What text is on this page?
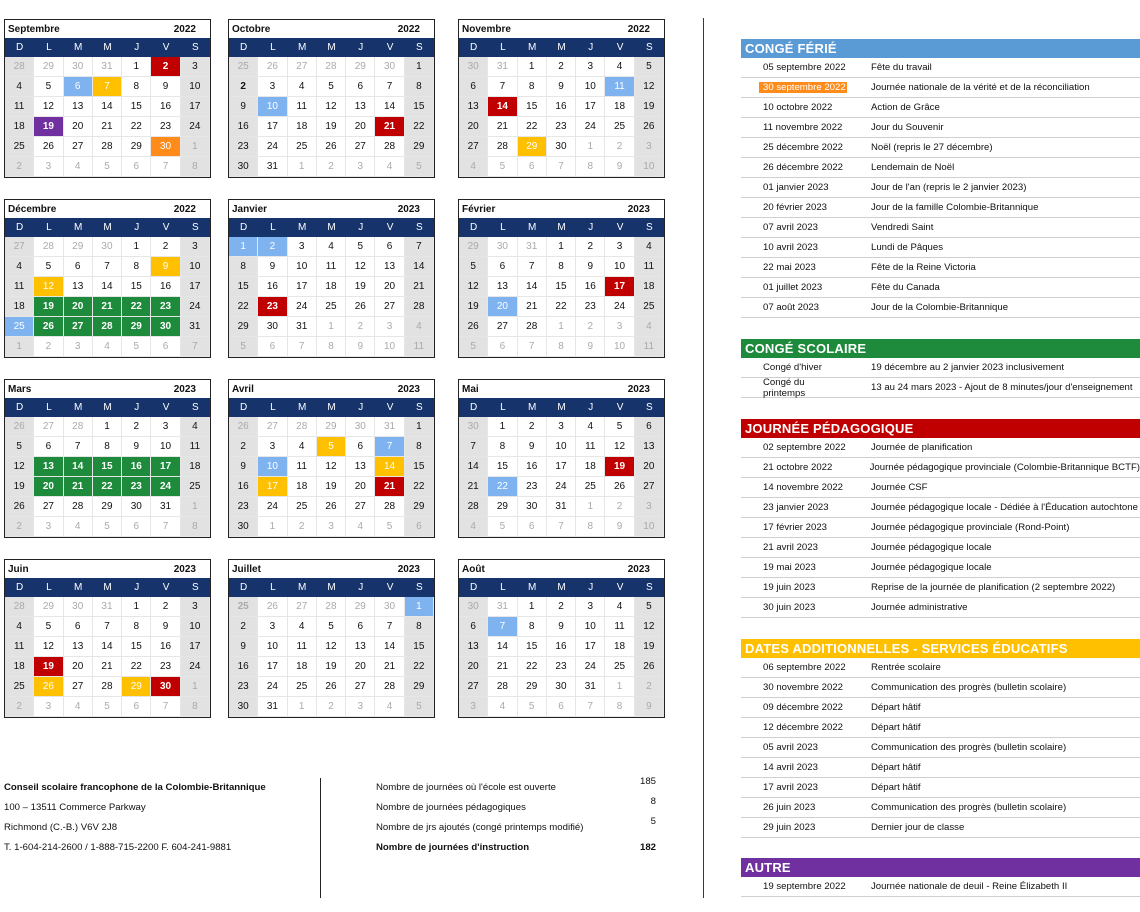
Septembre	2022
D	L	M	M	J	V	S
28	29	30	31	1	2	3
4	5	6	7	8	9	10
11	12	13	14	15	16	17
18	19	20	21	22	23	24
25	26	27	28	29	30	1
2	3	4	5	6	7	8
Octobre	2022
D	L	M	M	J	V	S
25	26	27	28	29	30	1
2	3	4	5	6	7	8
9	10	11	12	13	14	15
16	17	18	19	20	21	22
23	24	25	26	27	28	29
30	31	1	2	3	4	5
Novembre	2022
D	L	M	M	J	V	S
30	31	1	2	3	4	5
6	7	8	9	10	11	12
13	14	15	16	17	18	19
20	21	22	23	24	25	26
27	28	29	30	1	2	3
4	5	6	7	8	9	10
Décembre	2022
D	L	M	M	J	V	S
27	28	29	30	1	2	3
4	5	6	7	8	9	10
11	12	13	14	15	16	17
18	19	20	21	22	23	24
25	26	27	28	29	30	31
1	2	3	4	5	6	7
Janvier	2023
D	L	M	M	J	V	S
1	2	3	4	5	6	7
8	9	10	11	12	13	14
15	16	17	18	19	20	21
22	23	24	25	26	27	28
29	30	31	1	2	3	4
5	6	7	8	9	10	11
Février	2023
D	L	M	M	J	V	S
29	30	31	1	2	3	4
5	6	7	8	9	10	11
12	13	14	15	16	17	18
19	20	21	22	23	24	25
26	27	28	1	2	3	4
5	6	7	8	9	10	11
Mars	2023
D	L	M	M	J	V	S
26	27	28	1	2	3	4
5	6	7	8	9	10	11
12	13	14	15	16	17	18
19	20	21	22	23	24	25
26	27	28	29	30	31	1
2	3	4	5	6	7	8
Avril	2023
D	L	M	M	J	V	S
26	27	28	29	30	31	1
2	3	4	5	6	7	8
9	10	11	12	13	14	15
16	17	18	19	20	21	22
23	24	25	26	27	28	29
30	1	2	3	4	5	6
Mai	2023
D	L	M	M	J	V	S
30	1	2	3	4	5	6
7	8	9	10	11	12	13
14	15	16	17	18	19	20
21	22	23	24	25	26	27
28	29	30	31	1	2	3
4	5	6	7	8	9	10
Juin	2023
D	L	M	M	J	V	S
28	29	30	31	1	2	3
4	5	6	7	8	9	10
11	12	13	14	15	16	17
18	19	20	21	22	23	24
25	26	27	28	29	30	1
2	3	4	5	6	7	8
Juillet	2023
D	L	M	M	J	V	S
25	26	27	28	29	30	1
2	3	4	5	6	7	8
9	10	11	12	13	14	15
16	17	18	19	20	21	22
23	24	25	26	27	28	29
30	31	1	2	3	4	5
Août	2023
D	L	M	M	J	V	S
30	31	1	2	3	4	5
6	7	8	9	10	11	12
13	14	15	16	17	18	19
20	21	22	23	24	25	26
27	28	29	30	31	1	2
3	4	5	6	7	8	9
CONGÉ FÉRIÉ
05 septembre 2022	Fête du travail
30 septembre 2022	Journée nationale de la vérité et de la réconciliation
10 octobre 2022	Action de Grâce
11 novembre 2022	Jour du Souvenir
25 décembre 2022	Noël (repris le 27 décembre)
26 décembre 2022	Lendemain de Noël
01 janvier 2023	Jour de l'an (repris le 2 janvier 2023)
20 février 2023	Jour de la famille Colombie-Britannique
07 avril 2023	Vendredi Saint
10 avril 2023	Lundi de Pâques
22 mai 2023	Fête de la Reine Victoria
01 juillet 2023	Fête du Canada
07 août 2023	Jour de la Colombie-Britannique
CONGÉ SCOLAIRE
Congé d'hiver	19 décembre au 2 janvier 2023 inclusivement
Congé du printemps	13 au 24 mars 2023 - Ajout de 8 minutes/jour d'enseignement
JOURNÉE PÉDAGOGIQUE
02 septembre 2022	Journée de planification
21 octobre 2022	Journée pédagogique provinciale (Colombie-Britannique BCTF)
14 novembre 2022	Journée CSF
23 janvier 2023	Journée pédagogique locale - Dédiée à l'Éducation autochtone
17 février 2023	Journée pédagogique provinciale (Rond-Point)
21 avril 2023	Journée pédagogique locale
19 mai 2023	Journée pédagogique locale
19 juin 2023	Reprise de la journée de planification (2 septembre 2022)
30 juin 2023	Journée administrative
DATES ADDITIONNELLES - SERVICES ÉDUCATIFS
06 septembre 2022	Rentrée scolaire
30 novembre 2022	Communication des progrès (bulletin scolaire)
09 décembre 2022	Départ hâtif
12 décembre 2022	Départ hâtif
05 avril 2023	Communication des progrès (bulletin scolaire)
14 avril 2023	Départ hâtif
17 avril 2023	Départ hâtif
26 juin 2023	Communication des progrès (bulletin scolaire)
29 juin 2023	Dernier jour de classe
AUTRE
19 septembre 2022	Journée nationale de deuil - Reine Élizabeth II
Conseil scolaire francophone de la Colombie-Britannique
100 – 13511 Commerce Parkway
Richmond (C.-B.) V6V 2J8
T. 1-604-214-2600 / 1-888-715-2200 F. 604-241-9881
Nombre de journées où l'école est ouverte
185
Nombre de journées pédagogiques
8
Nombre de jrs ajoutés (congé printemps modifié)
5
Nombre de journées d'instruction	182
